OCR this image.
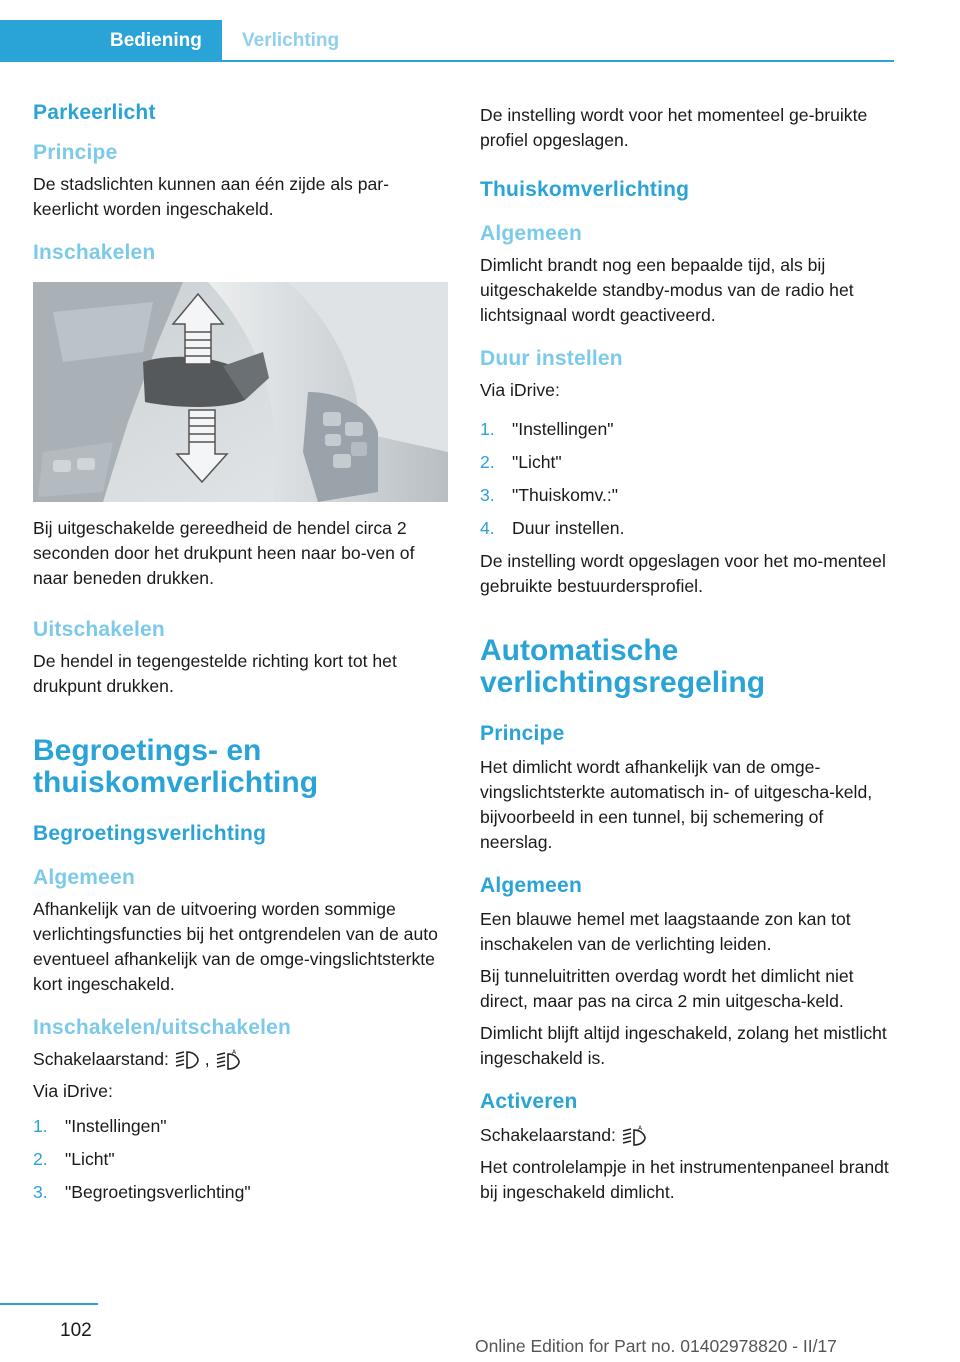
Bediening Verlichting
Parkeerlicht
Principe
De stadslichten kunnen aan één zijde als par-keerlicht worden ingeschakeld.
Inschakelen
Bij uitgeschakelde gereedheid de hendel circa 2 seconden door het drukpunt heen naar bo-ven of naar beneden drukken.
Uitschakelen
De hendel in tegengestelde richting kort tot het drukpunt drukken.
Begroetings- en thuiskomverlichting
Begroetingsverlichting
Algemeen
Afhankelijk van de uitvoering worden sommige verlichtingsfuncties bij het ontgrendelen van de auto eventueel afhankelijk van de omge-vingslichtsterkte kort ingeschakeld.
Inschakelen/uitschakelen
Schakelaarstand: ,	A
Via iDrive:
1. "Instellingen"
2. "Licht"
3. "Begroetingsverlichting"
De instelling wordt voor het momenteel ge-bruikte profiel opgeslagen.
Thuiskomverlichting
Algemeen
Dimlicht brandt nog een bepaalde tijd, als bij uitgeschakelde standby-modus van de radio het lichtsignaal wordt geactiveerd.
Duur instellen
Via iDrive:
1. "Instellingen"
2. "Licht"
3. "Thuiskomv.:"
4. Duur instellen.
De instelling wordt opgeslagen voor het mo-menteel gebruikte bestuurdersprofiel.
Automatische verlichtingsregeling
Principe
Het dimlicht wordt afhankelijk van de omge-vingslichtsterkte automatisch in- of uitgescha-keld, bijvoorbeeld in een tunnel, bij schemering of neerslag.
Algemeen
Een blauwe hemel met laagstaande zon kan tot inschakelen van de verlichting leiden.
Bij tunneluitritten overdag wordt het dimlicht niet direct, maar pas na circa 2 min uitgescha-keld.
Dimlicht blijft altijd ingeschakeld, zolang het mistlicht ingeschakeld is.
Activeren
Schakelaarstand:	A
Het controlelampje in het instrumentenpaneel brandt bij ingeschakeld dimlicht.
102
Online Edition for Part no. 01402978820 - II/17
